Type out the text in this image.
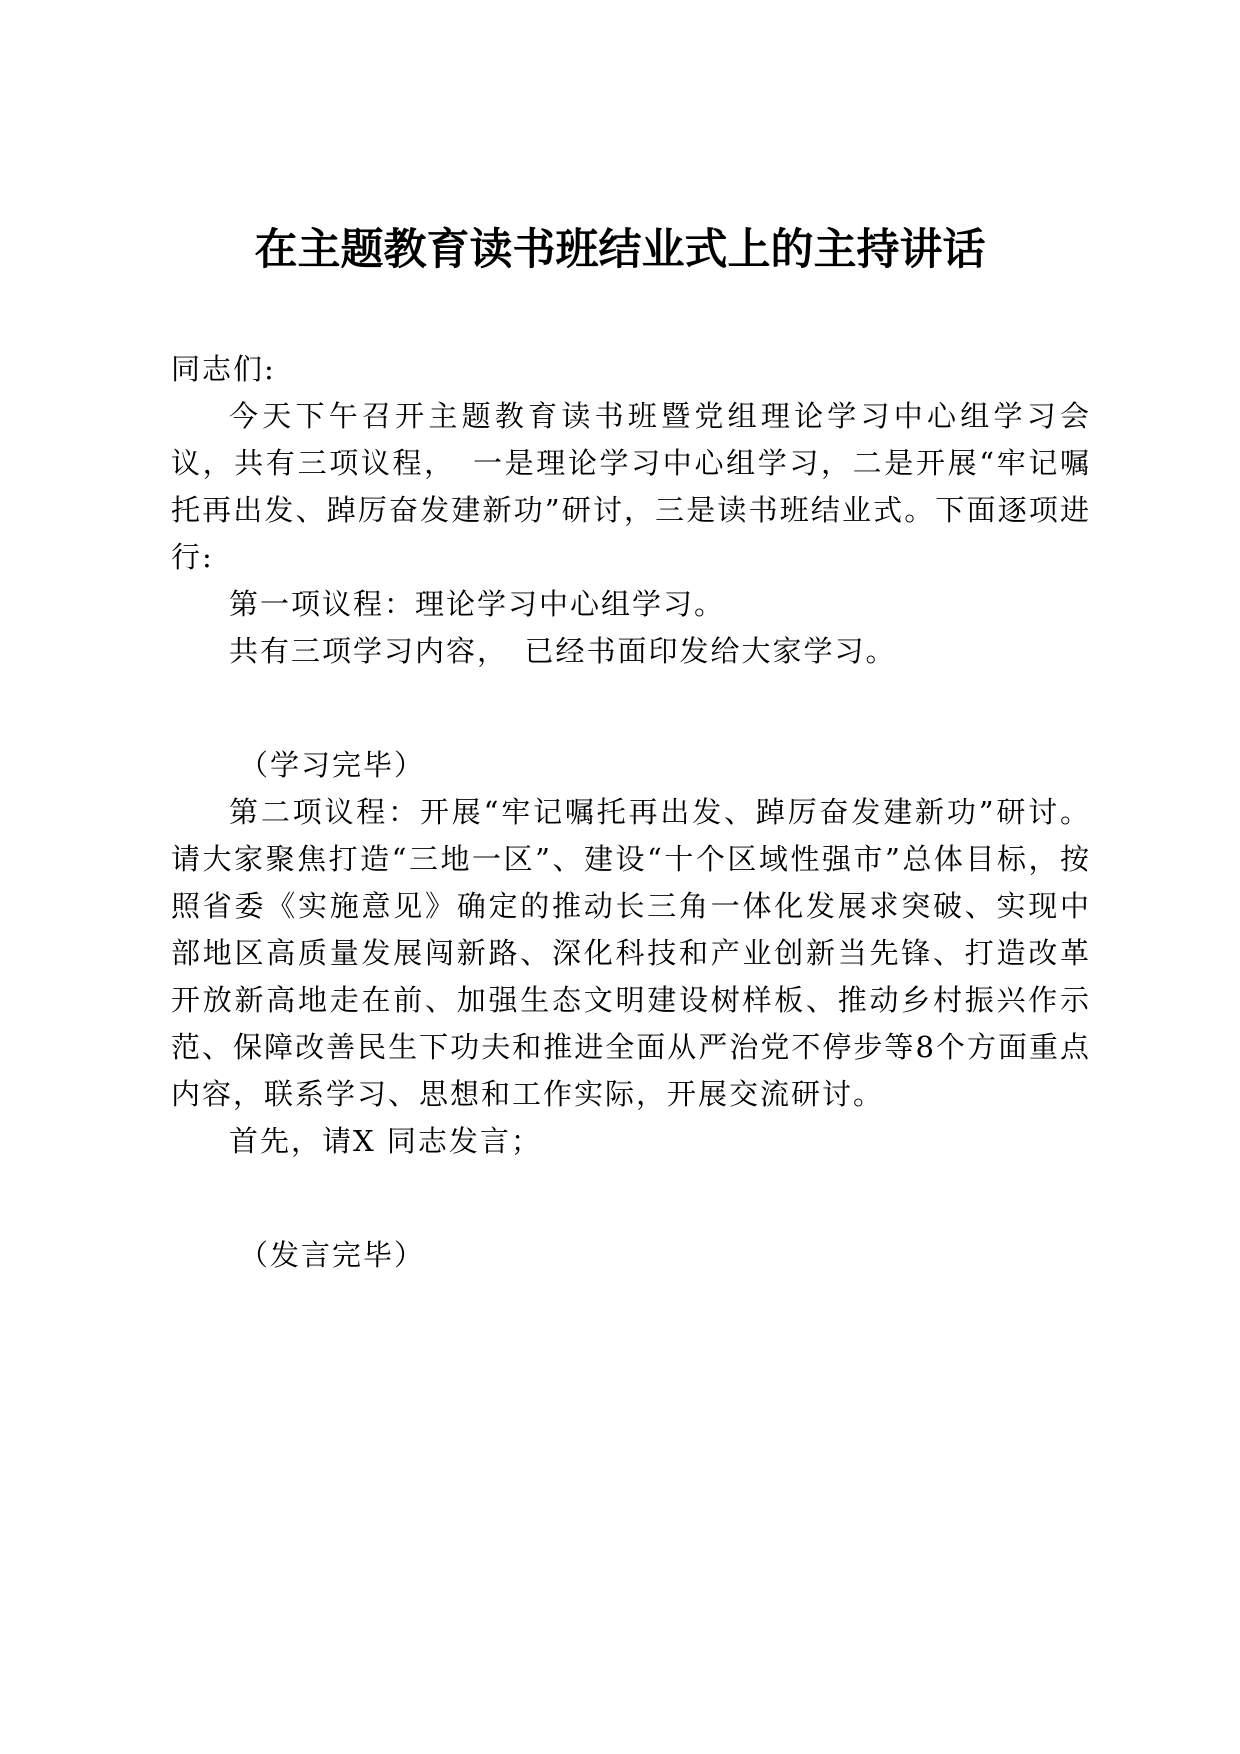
在主题教育读书班结业式上的主持讲话

同志们:

今天下午召开主题教育读书班暨党组理论学习中心组学习会议，共有三项议程，　一是理论学习中心组学习，二是开展“牢记嘱托再出发、踔厉奋发建新功”研讨，三是读书班结业式。下面逐项进行:

第一项议程：理论学习中心组学习。

共有三项学习内容，　已经书面印发给大家学习。

（学习完毕）

第二项议程：开展“牢记嘱托再出发、踔厉奋发建新功”研讨。请大家聚焦打造“三地一区”、建设“十个区域性强市”总体目标，按照省委《实施意见》确定的推动长三角一体化发展求突破、实现中部地区高质量发展闯新路、深化科技和产业创新当先锋、打造改革开放新高地走在前、加强生态文明建设树样板、推动乡村振兴作示范、保障改善民生下功夫和推进全面从严治党不停步等8个方面重点内容，联系学习、思想和工作实际，开展交流研讨。

首先，请X 同志发言；

（发言完毕）
